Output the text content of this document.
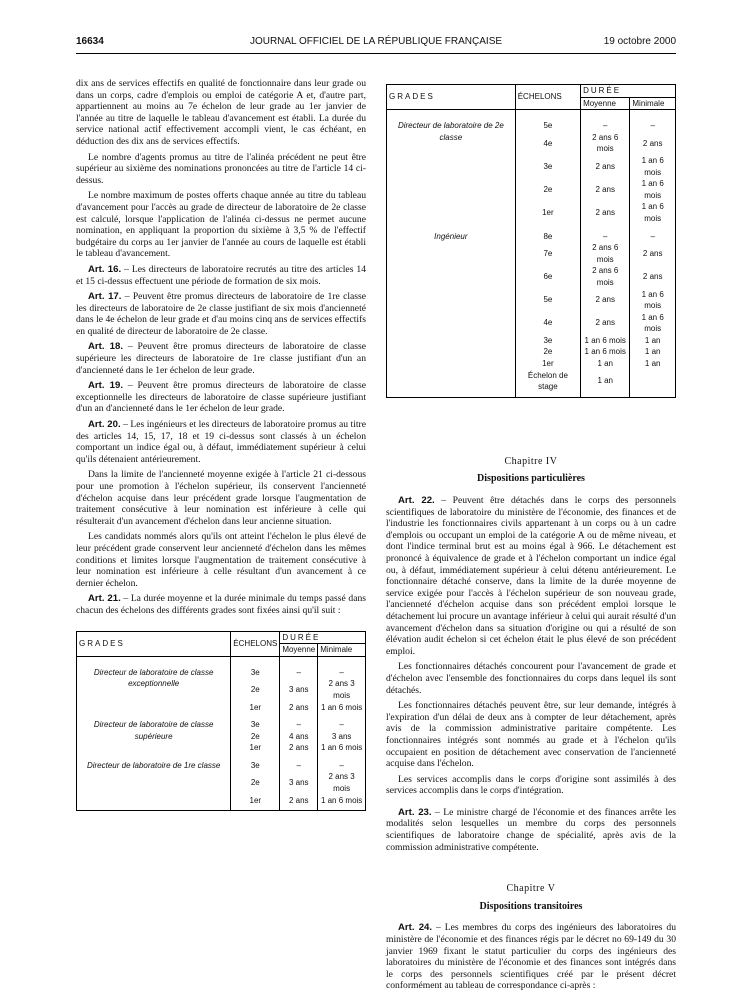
16634	JOURNAL OFFICIEL DE LA RÉPUBLIQUE FRANÇAISE	19 octobre 2000

dix ans de services effectifs en qualité de fonctionnaire dans leur grade ou dans un corps, cadre d'emplois ou emploi de catégorie A et, d'autre part, appartiennent au moins au 7e échelon de leur grade au 1er janvier de l'année au titre de laquelle le tableau d'avancement est établi. La durée du service national actif effectivement accompli vient, le cas échéant, en déduction des dix ans de services effectifs.

Le nombre d'agents promus au titre de l'alinéa précédent ne peut être supérieur au sixième des nominations prononcées au titre de l'article 14 ci-dessus.

Le nombre maximum de postes offerts chaque année au titre du tableau d'avancement pour l'accès au grade de directeur de laboratoire de 2e classe est calculé, lorsque l'application de l'alinéa ci-dessus ne permet aucune nomination, en appliquant la proportion du sixième à 3,5 % de l'effectif budgétaire du corps au 1er janvier de l'année au cours de laquelle est établi le tableau d'avancement.

Art. 16. – Les directeurs de laboratoire recrutés au titre des articles 14 et 15 ci-dessus effectuent une période de formation de six mois.

Art. 17. – Peuvent être promus directeurs de laboratoire de 1re classe les directeurs de laboratoire de 2e classe justifiant de six mois d'ancienneté dans le 4e échelon de leur grade et d'au moins cinq ans de services effectifs en qualité de directeur de laboratoire de 2e classe.

Art. 18. – Peuvent être promus directeurs de laboratoire de classe supérieure les directeurs de laboratoire de 1re classe justifiant d'un an d'ancienneté dans le 1er échelon de leur grade.

Art. 19. – Peuvent être promus directeurs de laboratoire de classe exceptionnelle les directeurs de laboratoire de classe supérieure justifiant d'un an d'ancienneté dans le 1er échelon de leur grade.

Art. 20. – Les ingénieurs et les directeurs de laboratoire promus au titre des articles 14, 15, 17, 18 et 19 ci-dessus sont classés à un échelon comportant un indice égal ou, à défaut, immédiatement supérieur à celui qu'ils détenaient antérieurement.

Dans la limite de l'ancienneté moyenne exigée à l'article 21 ci-dessous pour une promotion à l'échelon supérieur, ils conservent l'ancienneté d'échelon acquise dans leur précédent grade lorsque l'augmentation de traitement consécutive à leur nomination est inférieure à celle qui résulterait d'un avancement d'échelon dans leur ancienne situation.

Les candidats nommés alors qu'ils ont atteint l'échelon le plus élevé de leur précédent grade conservent leur ancienneté d'échelon dans les mêmes conditions et limites lorsque l'augmentation de traitement consécutive à leur nomination est inférieure à celle résultant d'un avancement à ce dernier échelon.

Art. 21. – La durée moyenne et la durée minimale du temps passé dans chacun des échelons des différents grades sont fixées ainsi qu'il suit :

GRADES	ÉCHELONS	DURÉE	
		Moyenne	Minimale
Directeur de laboratoire de classe exceptionnelle	3e	–	–
	2e	3 ans	2 ans 3 mois
	1er	2 ans	1 an 6 mois
Directeur de laboratoire de classe supérieure	3e	–	–
	2e	4 ans	3 ans
	1er	2 ans	1 an 6 mois
Directeur de laboratoire de 1re classe	3e	–	–
	2e	3 ans	2 ans 3 mois
	1er	2 ans	1 an 6 mois

GRADES	ÉCHELONS	DURÉE	
		Moyenne	Minimale
Directeur de laboratoire de 2e classe	5e	–	–
	4e	2 ans 6 mois	2 ans
	3e	2 ans	1 an 6 mois
	2e	2 ans	1 an 6 mois
	1er	2 ans	1 an 6 mois
Ingénieur	8e	–	–
	7e	2 ans 6 mois	2 ans
	6e	2 ans 6 mois	2 ans
	5e	2 ans	1 an 6 mois
	4e	2 ans	1 an 6 mois
	3e	1 an 6 mois	1 an
	2e	1 an 6 mois	1 an
	1er	1 an	1 an
	Échelon de stage	1 an	

Chapitre IV
Dispositions particulières

Art. 22. – Peuvent être détachés dans le corps des personnels scientifiques de laboratoire du ministère de l'économie, des finances et de l'industrie les fonctionnaires civils appartenant à un corps ou à un cadre d'emplois ou occupant un emploi de la catégorie A ou de même niveau, et dont l'indice terminal brut est au moins égal à 966. Le détachement est prononcé à équivalence de grade et à l'échelon comportant un indice égal ou, à défaut, immédiatement supérieur à celui détenu antérieurement. Le fonctionnaire détaché conserve, dans la limite de la durée moyenne de service exigée pour l'accès à l'échelon supérieur de son nouveau grade, l'ancienneté d'échelon acquise dans son précédent emploi lorsque le détachement lui procure un avantage inférieur à celui qui aurait résulté d'un avancement d'échelon dans sa situation d'origine ou qui a résulté de son élévation audit échelon si cet échelon était le plus élevé de son précédent emploi.

Les fonctionnaires détachés concourent pour l'avancement de grade et d'échelon avec l'ensemble des fonctionnaires du corps dans lequel ils sont détachés.

Les fonctionnaires détachés peuvent être, sur leur demande, intégrés à l'expiration d'un délai de deux ans à compter de leur détachement, après avis de la commission administrative paritaire compétente. Les fonctionnaires intégrés sont nommés au grade et à l'échelon qu'ils occupaient en position de détachement avec conservation de l'ancienneté acquise dans l'échelon.

Les services accomplis dans le corps d'origine sont assimilés à des services accomplis dans le corps d'intégration.

Art. 23. – Le ministre chargé de l'économie et des finances arrête les modalités selon lesquelles un membre du corps des personnels scientifiques de laboratoire change de spécialité, après avis de la commission administrative compétente.

Chapitre V
Dispositions transitoires

Art. 24. – Les membres du corps des ingénieurs des laboratoires du ministère de l'économie et des finances régis par le décret no 69-149 du 30 janvier 1969 fixant le statut particulier du corps des ingénieurs des laboratoires du ministère de l'économie et des finances sont intégrés dans le corps des personnels scientifiques créé par le présent décret conformément au tableau de correspondance ci-après :
